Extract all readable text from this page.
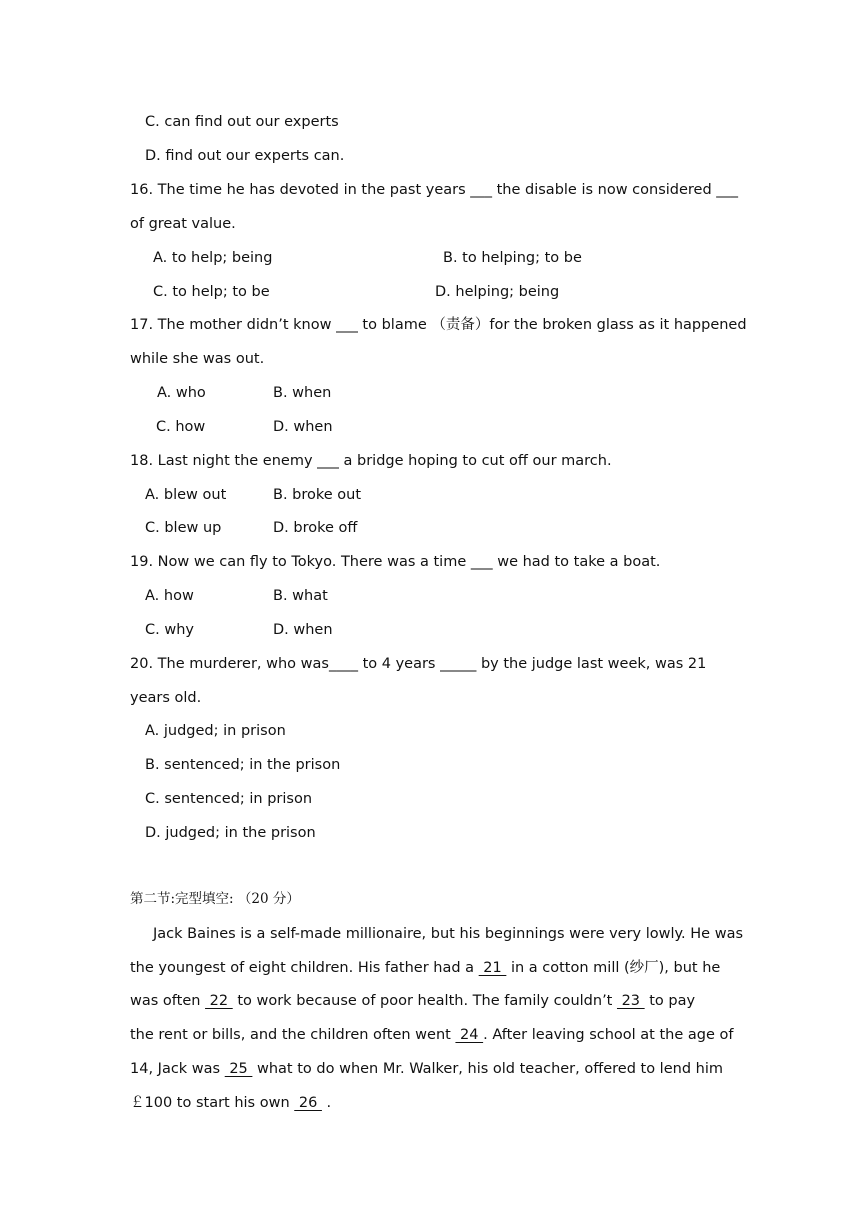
C. can find out our experts
D. find out our experts can.
16. The time he has devoted in the past years ___ the disable is now considered ___
of great value.
A. to help; being	B. to helping; to be
C. to help; to be	D. helping; being
17. The mother didn’t know ___ to blame （责备）for the broken glass as it happened
while she was out.
A. who	B. when
C. how	D. when
18. Last night the enemy ___ a bridge hoping to cut off our march.
A. blew out	B. broke out
C. blew up	D. broke off
19. Now we can fly to Tokyo. There was a time ___ we had to take a boat.
A. how	B. what
C. why	D. when
20. The murderer, who was____ to 4 years _____ by the judge last week, was 21
years old.
A. judged; in prison
B. sentenced; in the prison
C. sentenced; in prison
D. judged; in the prison
第二节:完型填空: （20 分）
Jack Baines is a self-made millionaire, but his beginnings were very lowly. He was
the youngest of eight children. His father had a  21  in a cotton mill (纱厂), but he
was often  22  to work because of poor health. The family couldn’t  23  to pay
the rent or bills, and the children often went  24 . After leaving school at the age of
14, Jack was  25  what to do when Mr. Walker, his old teacher, offered to lend him
￡100 to start his own  26  .
